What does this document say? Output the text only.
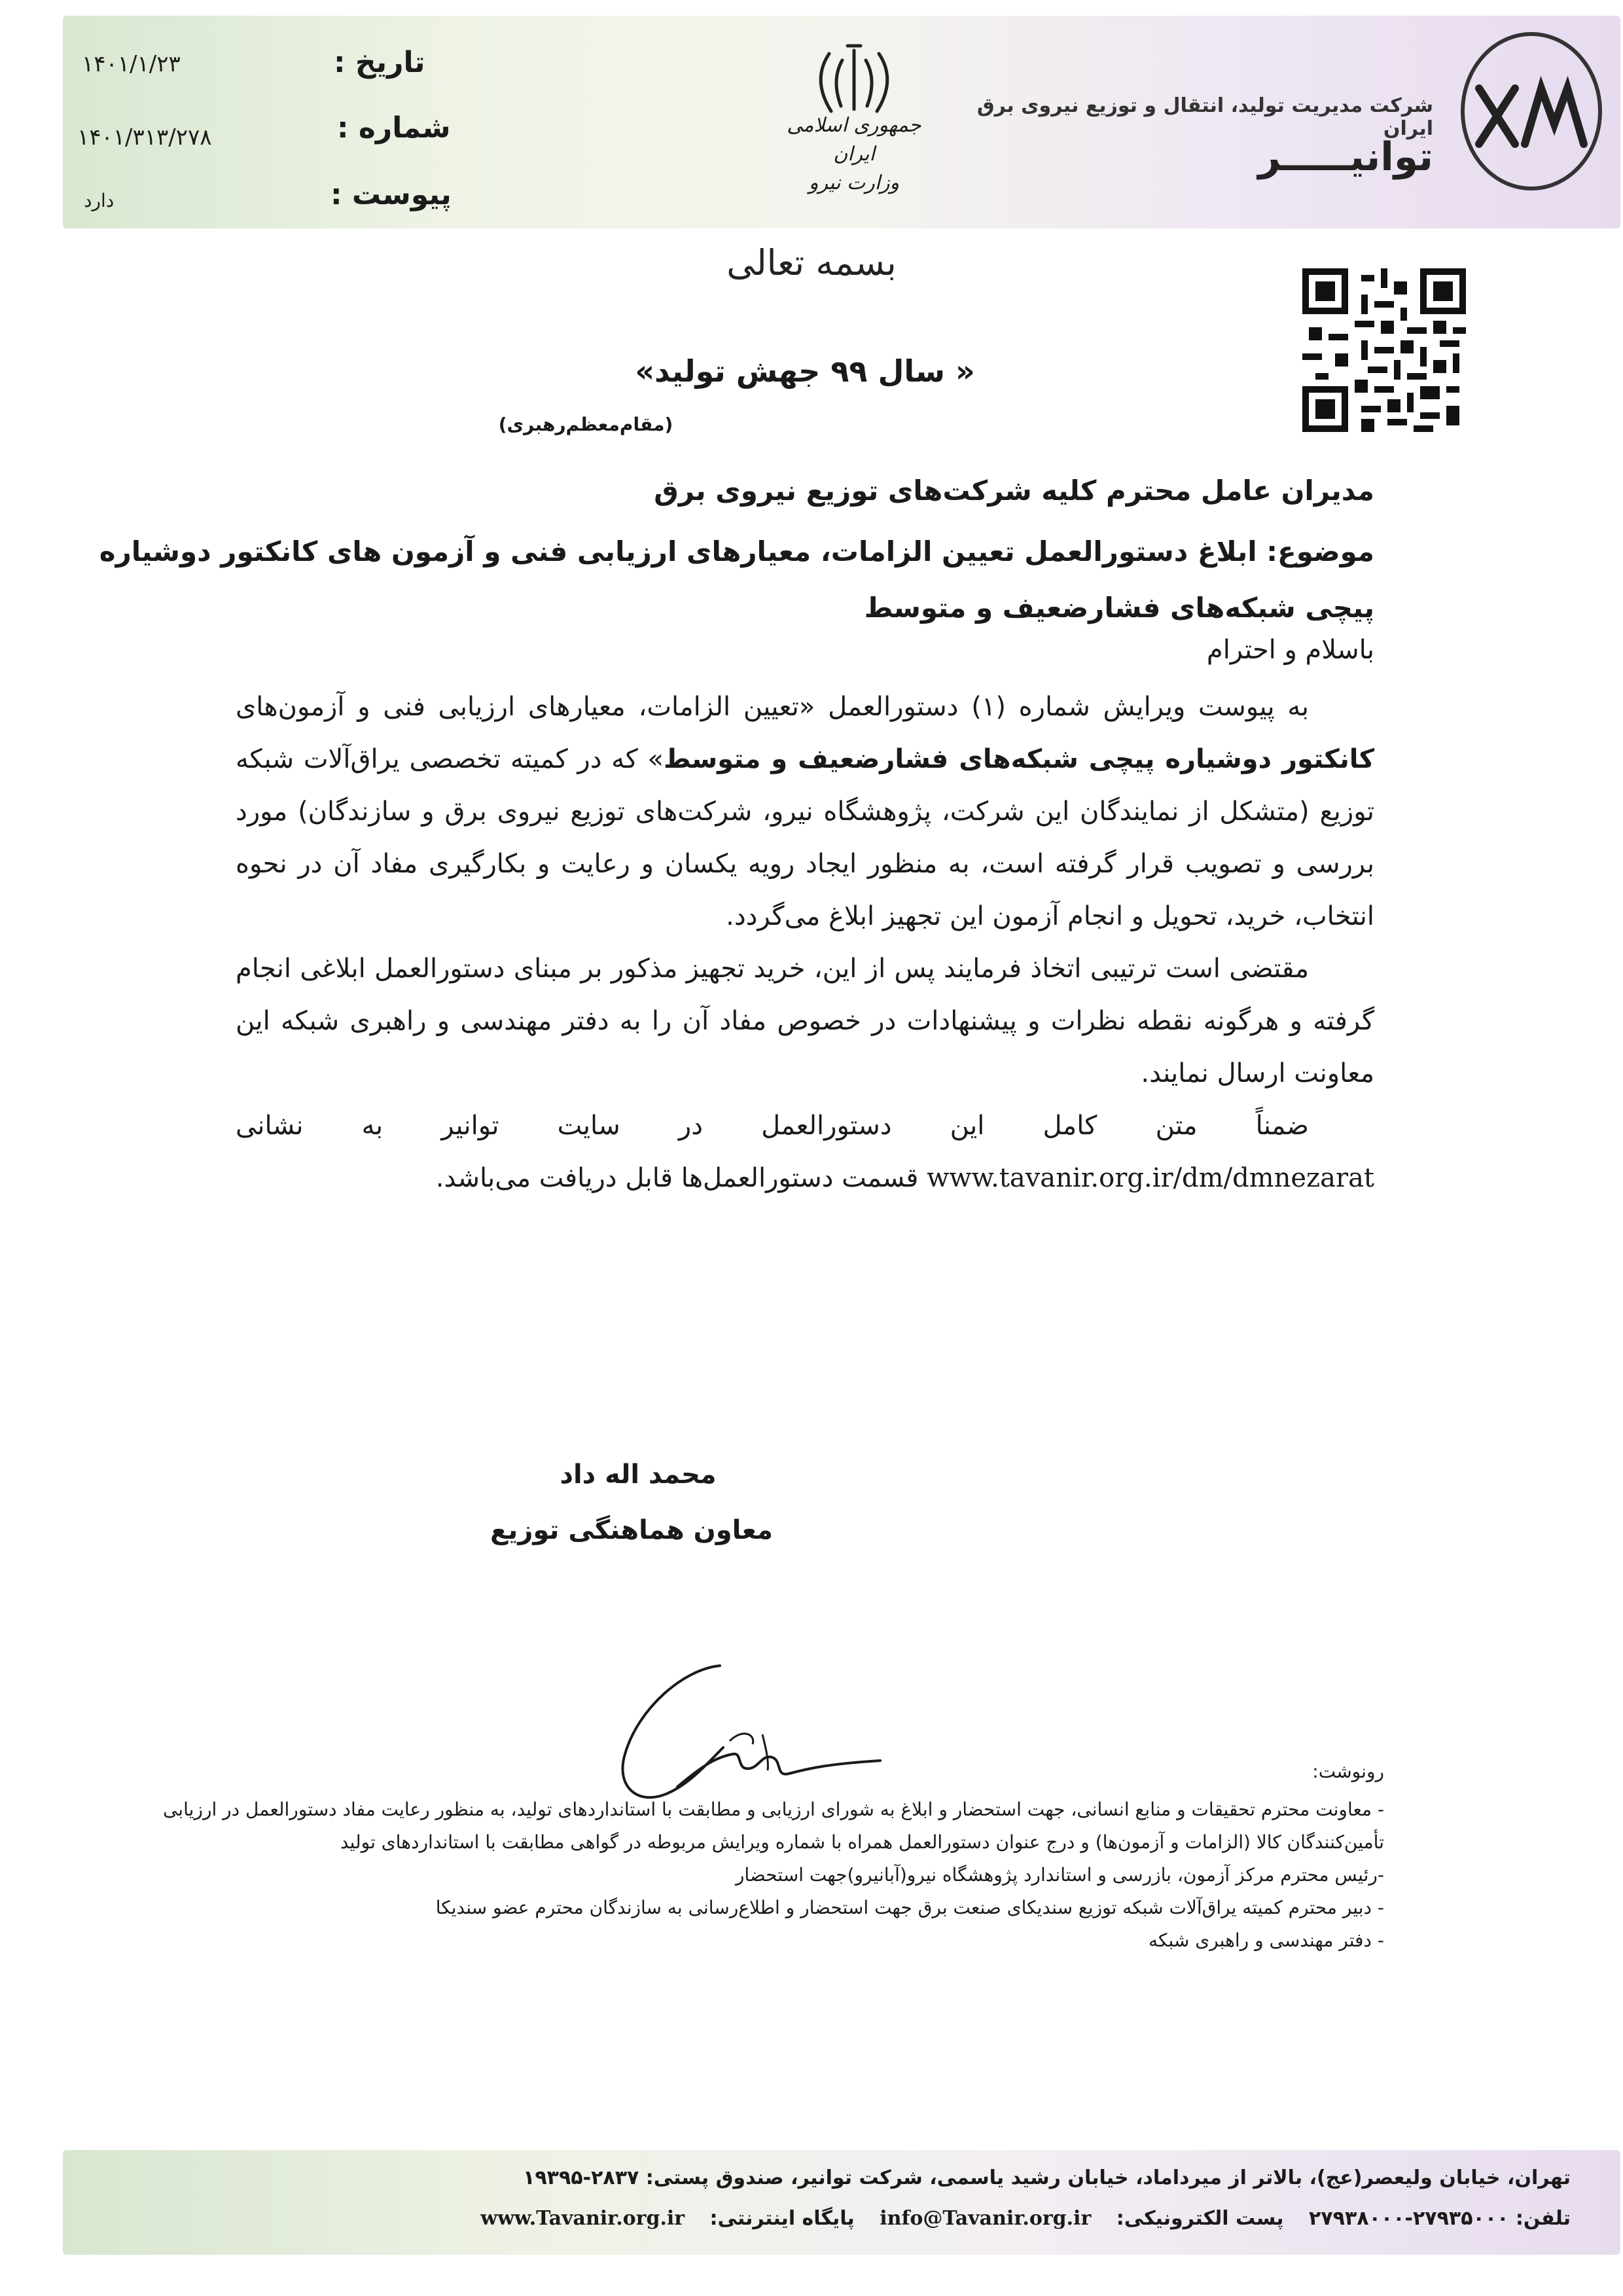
تاریخ :
۱۴۰۱/۱/۲۳
شماره :
۱۴۰۱/۳۱۳/۲۷۸
پیوست :
دارد
جمهوری اسلامی ایران
وزارت نیرو
شرکت مدیریت تولید، انتقال و توزیع نیروی برق ایران
توانیـــــر
بسمه تعالی
« سال ۹۹ جهش تولید»
(مقام‌معظم‌رهبری)
مدیران عامل محترم کلیه شرکت‌های توزیع نیروی برق
موضوع: ابلاغ دستورالعمل تعیین الزامات، معیارهای ارزیابی فنی و آزمون های کانکتور دوشیاره پیچی شبکه‌های فشارضعیف و متوسط
باسلام و احترام

به پیوست ویرایش شماره (۱) دستورالعمل «تعیین الزامات، معیارهای ارزیابی فنی و آزمون‌های کانکتور دوشیاره پیچی شبکه‌های فشارضعیف و متوسط» که در کمیته تخصصی یراق‌آلات شبکه توزیع (متشکل از نمایندگان این شرکت، پژوهشگاه نیرو، شرکت‌های توزیع نیروی برق و سازندگان) مورد بررسی و تصویب قرار گرفته است، به منظور ایجاد رویه یکسان و رعایت و بکارگیری مفاد آن در نحوه انتخاب، خرید، تحویل و انجام آزمون این تجهیز ابلاغ می‌گردد.

مقتضی است ترتیبی اتخاذ فرمایند پس از این، خرید تجهیز مذکور بر مبنای دستورالعمل ابلاغی انجام گرفته و هرگونه نقطه نظرات و پیشنهادات در خصوص مفاد آن را به دفتر مهندسی و راهبری شبکه این معاونت ارسال نمایند.

ضمناً متن کامل این دستورالعمل در سایت توانیر به نشانی www.tavanir.org.ir/dm/dmnezarat قسمت دستورالعمل‌ها قابل دریافت می‌باشد.

محمد اله داد
معاون هماهنگی توزیع
رونوشت:
- معاونت محترم تحقیقات و منابع انسانی، جهت استحضار و ابلاغ به شورای ارزیابی و مطابقت با استانداردهای تولید، به منظور رعایت مفاد دستورالعمل در ارزیابی تأمین‌کنندگان کالا (الزامات و آزمون‌ها) و درج عنوان دستورالعمل همراه با شماره ویرایش مربوطه در گواهی مطابقت با استانداردهای تولید
-رئیس محترم مرکز آزمون، بازرسی و استاندارد پژوهشگاه نیرو(آبانیرو)جهت استحضار
- دبیر محترم کمیته یراق‌آلات شبکه توزیع سندیکای صنعت برق جهت استحضار و اطلاع‌رسانی به سازندگان محترم عضو سندیکا
- دفتر مهندسی و راهبری شبکه
تهران، خیابان ولیعصر(عج)، بالاتر از میرداماد، خیابان رشید یاسمی، شرکت توانیر، صندوق پستی: ۲۸۳۷-۱۹۳۹۵
تلفن: ۲۷۹۳۵۰۰۰-۲۷۹۳۸۰۰۰ پست الکترونیکی: info@Tavanir.org.ir پایگاه اینترنتی: www.Tavanir.org.ir
